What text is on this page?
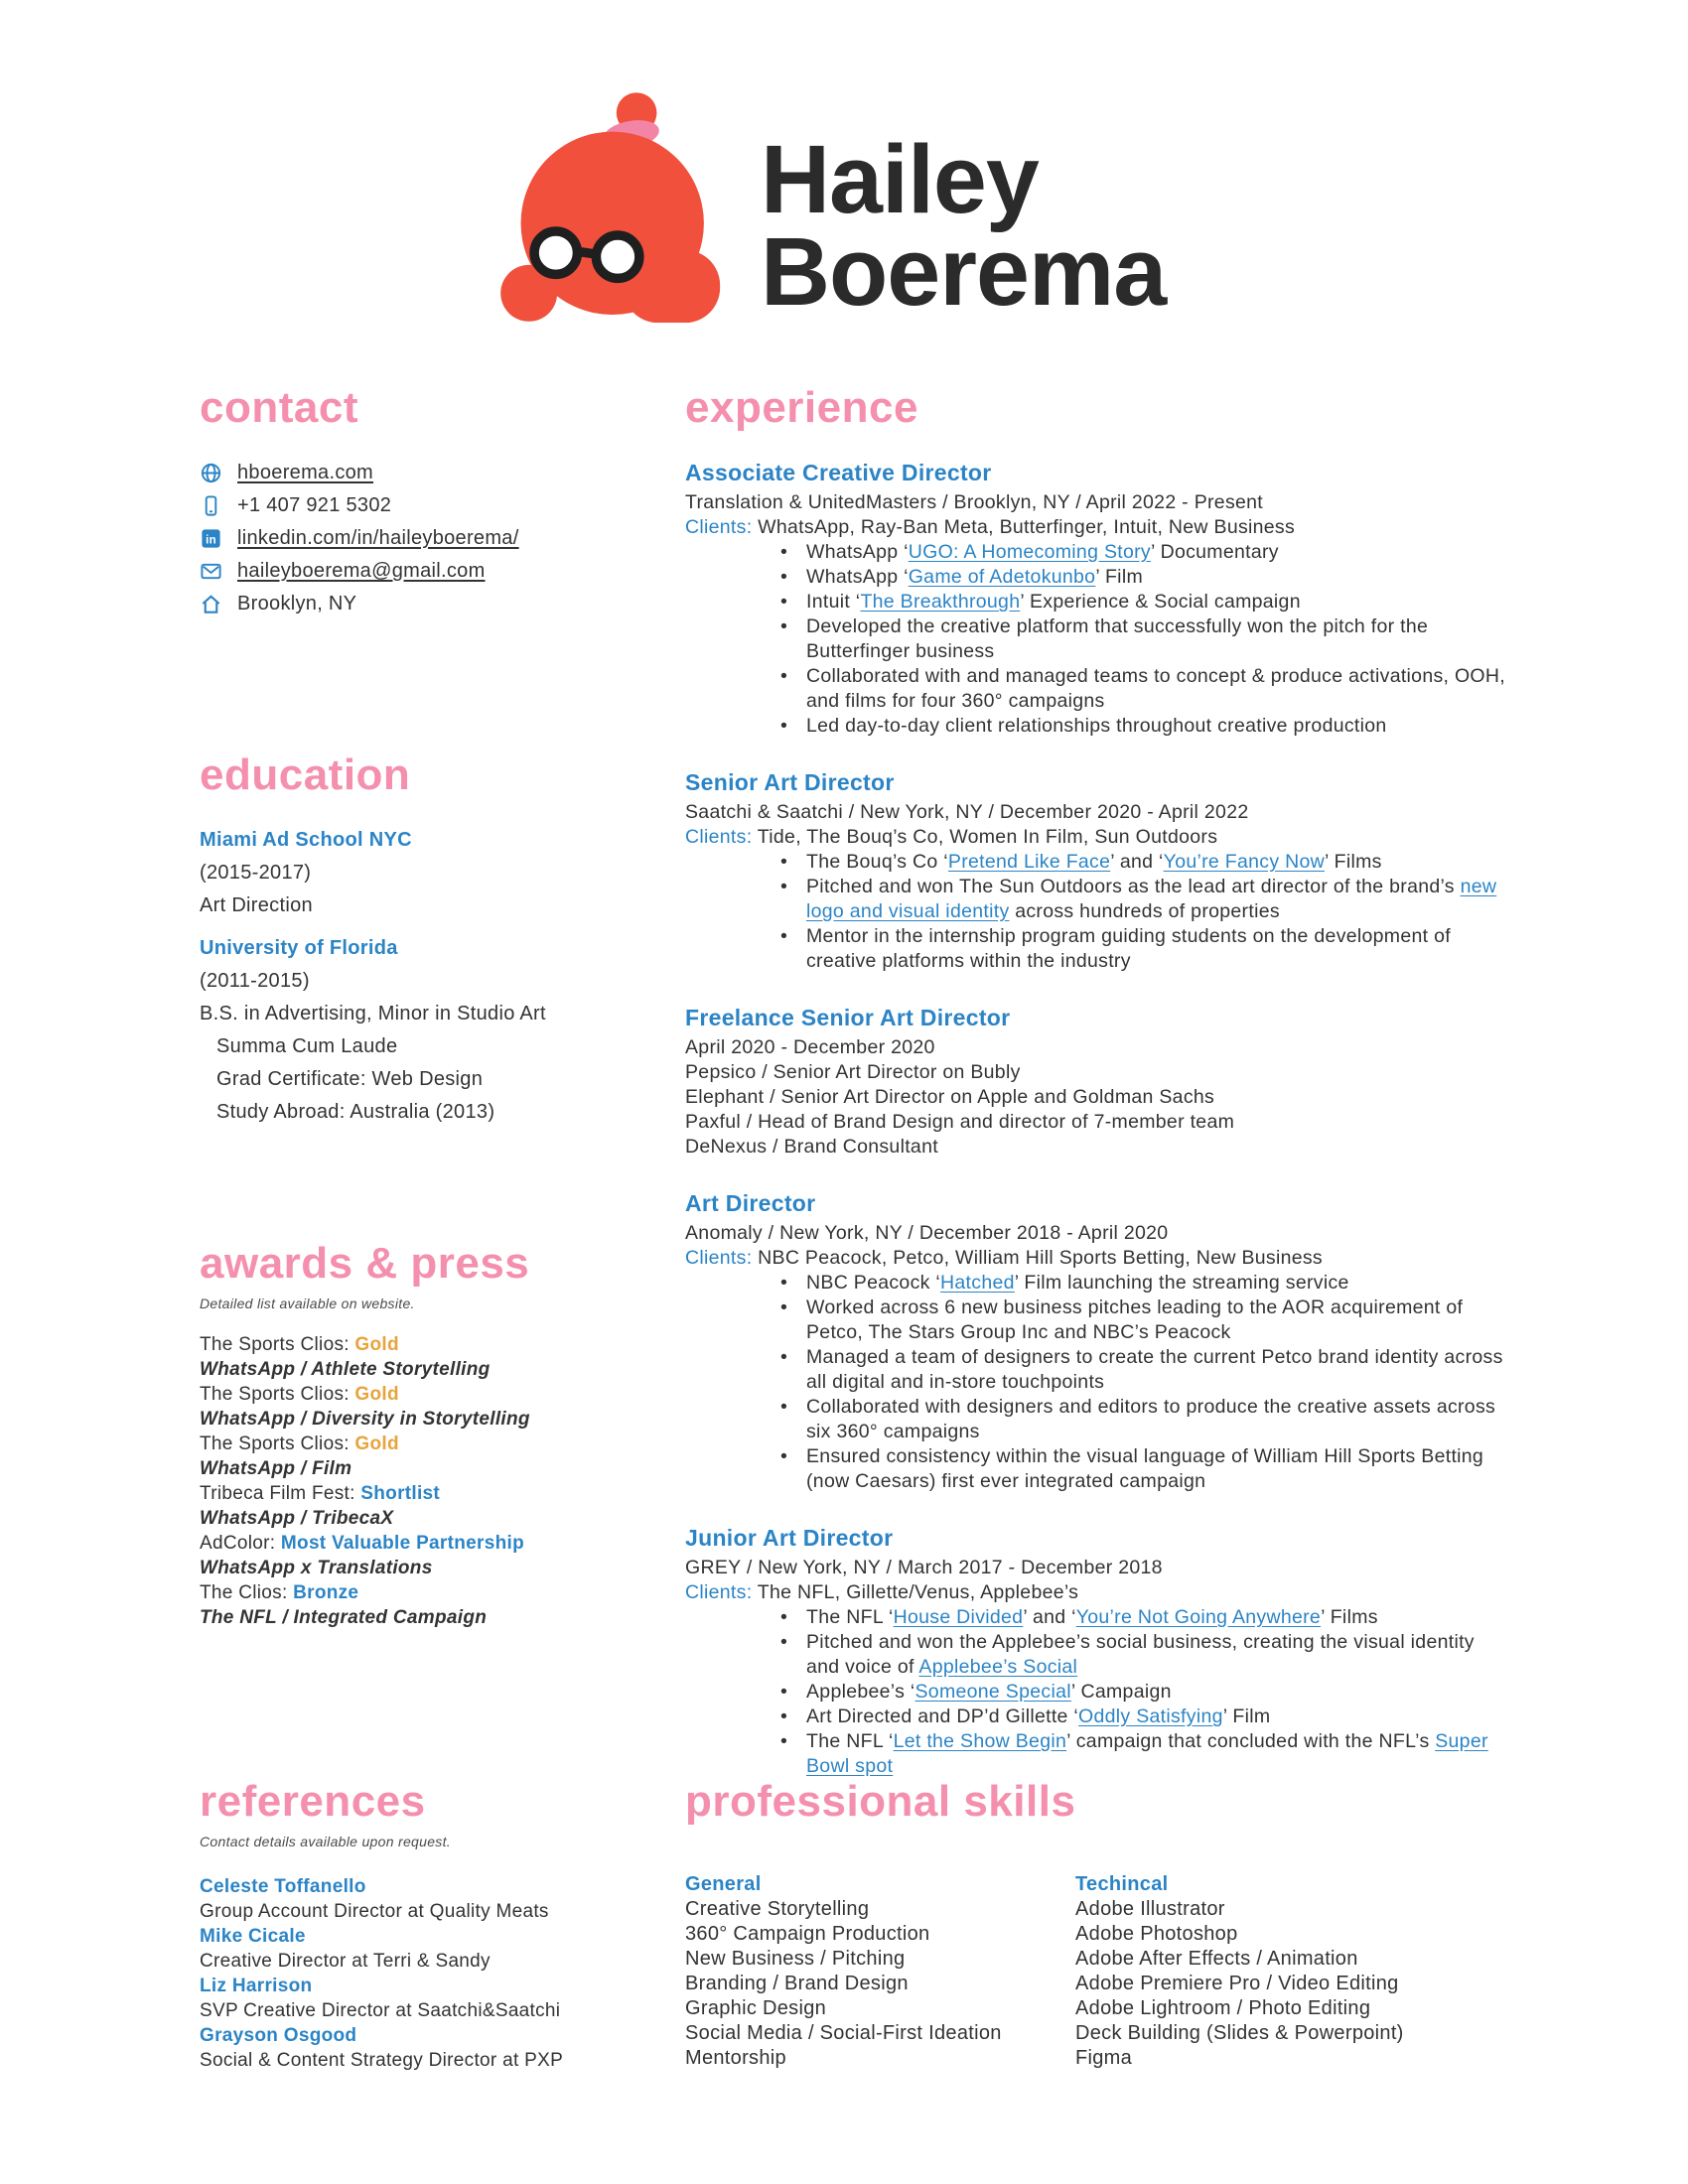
Hailey
Boerema
contact
hboerema.com
+1 407 921 5302
in linkedin.com/in/haileyboerema/
haileyboerema@gmail.com
Brooklyn, NY
education
Miami Ad School NYC
(2015-2017)
Art Direction
University of Florida
(2011-2015)
B.S. in Advertising, Minor in Studio Art
Summa Cum Laude
Grad Certificate: Web Design
Study Abroad: Australia (2013)
awards & press
Detailed list available on website.
The Sports Clios: Gold
WhatsApp / Athlete Storytelling
The Sports Clios: Gold
WhatsApp / Diversity in Storytelling
The Sports Clios: Gold
WhatsApp / Film
Tribeca Film Fest: Shortlist
WhatsApp / TribecaX
AdColor: Most Valuable Partnership
WhatsApp x Translations
The Clios: Bronze
The NFL / Integrated Campaign
references
Contact details available upon request.
Celeste Toffanello
Group Account Director at Quality Meats
Mike Cicale
Creative Director at Terri & Sandy
Liz Harrison
SVP Creative Director at Saatchi&Saatchi
Grayson Osgood
Social & Content Strategy Director at PXP
experience
Associate Creative Director
Translation & UnitedMasters / Brooklyn, NY / April 2022 - Present
Clients: WhatsApp, Ray-Ban Meta, Butterfinger, Intuit, New Business
• WhatsApp ‘UGO: A Homecoming Story’ Documentary
• WhatsApp ‘Game of Adetokunbo’ Film
• Intuit ‘The Breakthrough’ Experience & Social campaign
• Developed the creative platform that successfully won the pitch for the Butterfinger business
• Collaborated with and managed teams to concept & produce activations, OOH, and films for four 360° campaigns
• Led day-to-day client relationships throughout creative production
Senior Art Director
Saatchi & Saatchi / New York, NY / December 2020 - April 2022
Clients: Tide, The Bouq’s Co, Women In Film, Sun Outdoors
• The Bouq’s Co ‘Pretend Like Face’ and ‘You’re Fancy Now’ Films
• Pitched and won The Sun Outdoors as the lead art director of the brand’s new logo and visual identity across hundreds of properties
• Mentor in the internship program guiding students on the development of creative platforms within the industry
Freelance Senior Art Director
April 2020 - December 2020
Pepsico / Senior Art Director on Bubly
Elephant / Senior Art Director on Apple and Goldman Sachs
Paxful / Head of Brand Design and director of 7-member team
DeNexus / Brand Consultant
Art Director
Anomaly / New York, NY / December 2018 - April 2020
Clients: NBC Peacock, Petco, William Hill Sports Betting, New Business
• NBC Peacock ‘Hatched’ Film launching the streaming service
• Worked across 6 new business pitches leading to the AOR acquirement of Petco, The Stars Group Inc and NBC’s Peacock
• Managed a team of designers to create the current Petco brand identity across all digital and in-store touchpoints
• Collaborated with designers and editors to produce the creative assets across six 360° campaigns
• Ensured consistency within the visual language of William Hill Sports Betting (now Caesars) first ever integrated campaign
Junior Art Director
GREY / New York, NY / March 2017 - December 2018
Clients: The NFL, Gillette/Venus, Applebee’s
• The NFL ‘House Divided’ and ‘You’re Not Going Anywhere’ Films
• Pitched and won the Applebee’s social business, creating the visual identity and voice of Applebee’s Social
• Applebee’s ‘Someone Special’ Campaign
• Art Directed and DP’d Gillette ‘Oddly Satisfying’ Film
• The NFL ‘Let the Show Begin’ campaign that concluded with the NFL’s Super Bowl spot
professional skills
General
Creative Storytelling
360° Campaign Production
New Business / Pitching
Branding / Brand Design
Graphic Design
Social Media / Social-First Ideation
Mentorship
Techincal
Adobe Illustrator
Adobe Photoshop
Adobe After Effects / Animation
Adobe Premiere Pro / Video Editing
Adobe Lightroom / Photo Editing
Deck Building (Slides & Powerpoint)
Figma
